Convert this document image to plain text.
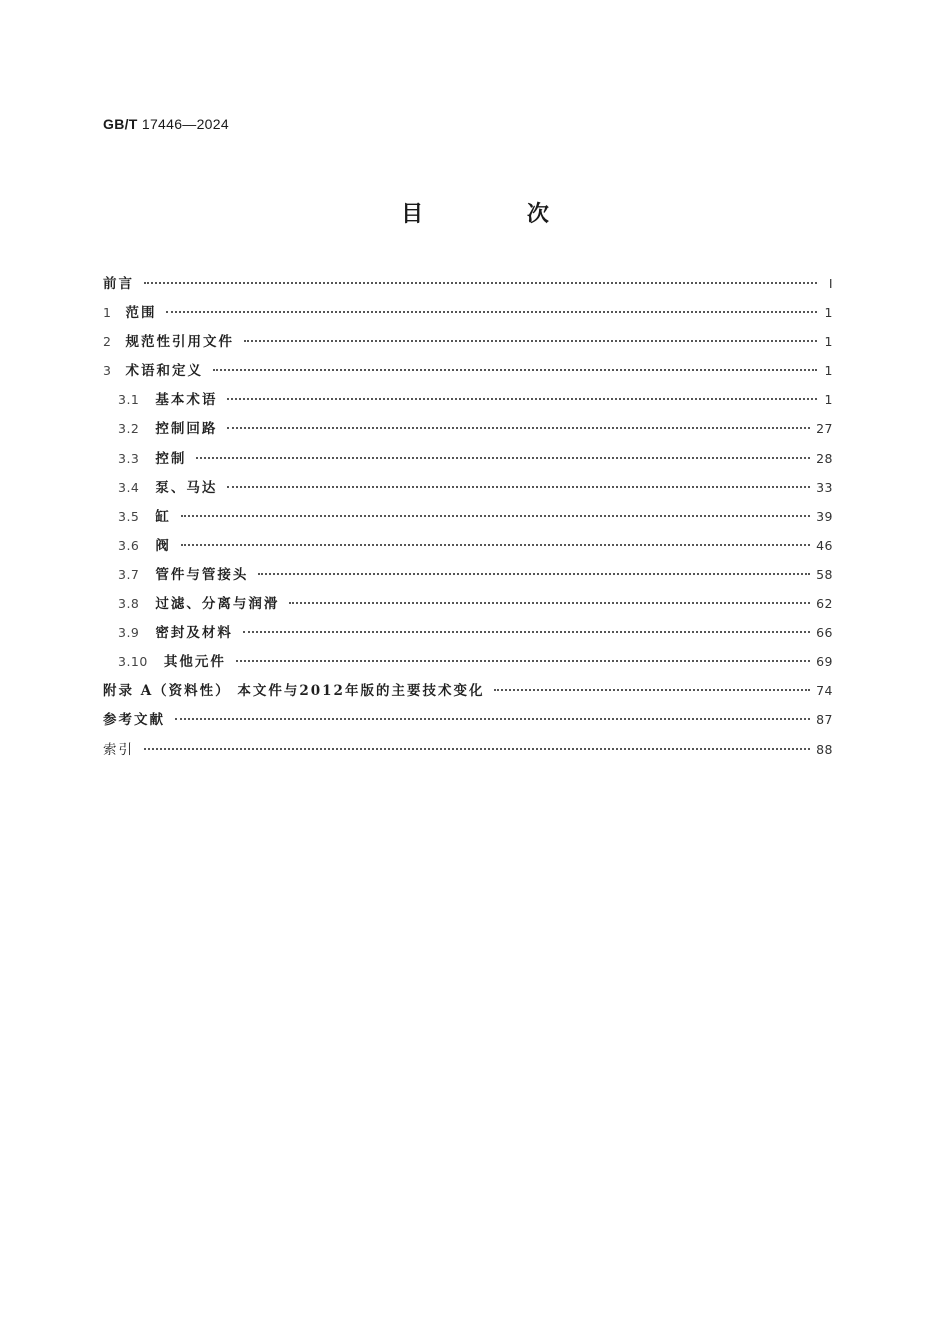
GB/T 17446—2024
目 次
前言	Ⅰ
1 范围	1
2 规范性引用文件	1
3 术语和定义	1
3.1 基本术语	1
3.2 控制回路	27
3.3 控制	28
3.4 泵、马达	33
3.5 缸	39
3.6 阀	46
3.7 管件与管接头	58
3.8 过滤、分离与润滑	62
3.9 密封及材料	66
3.10 其他元件	69
附录 A（资料性） 本文件与2012年版的主要技术变化	74
参考文献	87
索引	88
